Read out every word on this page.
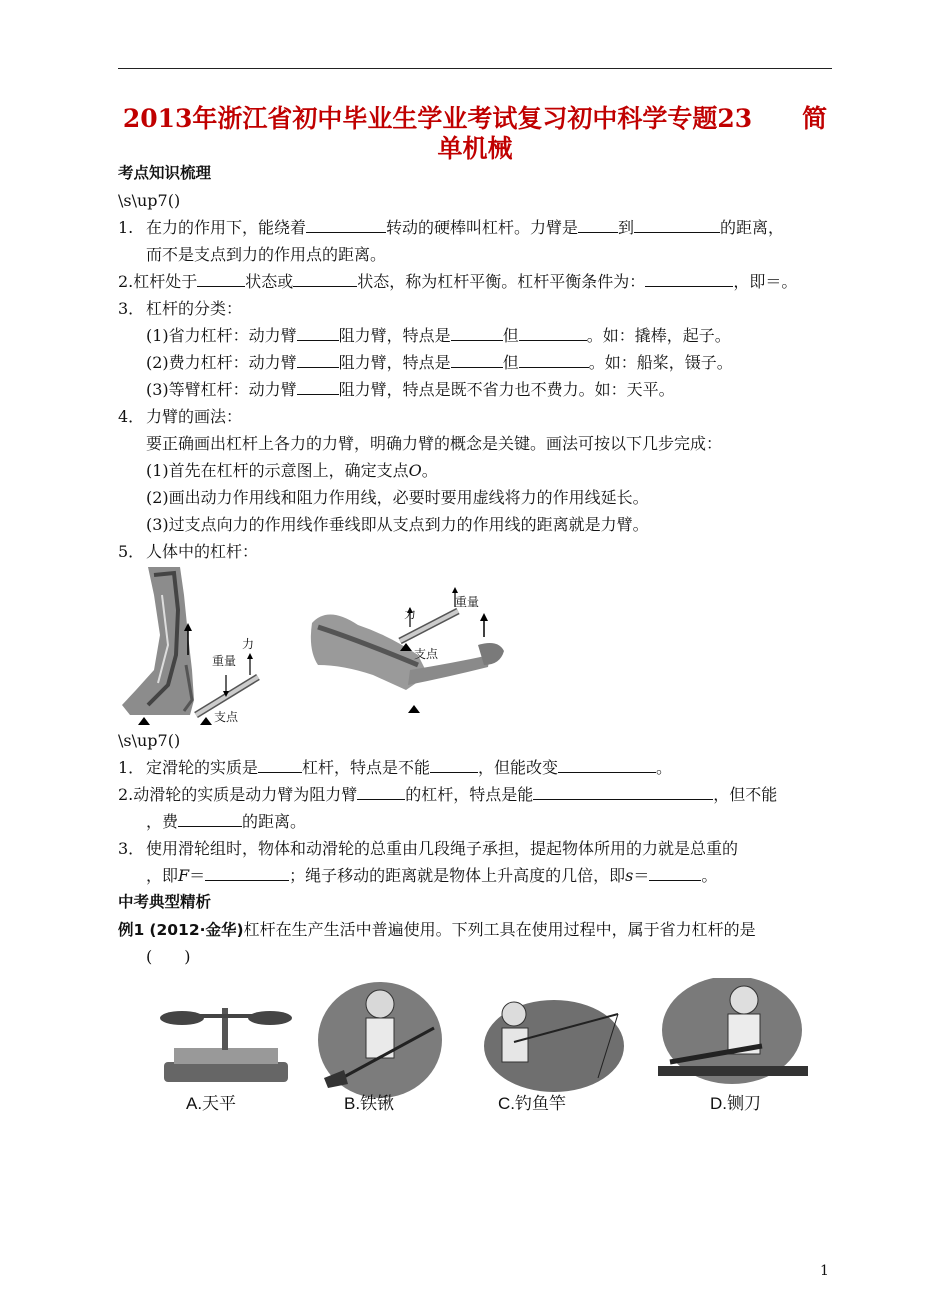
2013年浙江省初中毕业生学业考试复习初中科学专题23　　简单机械
考点知识梳理
\s\up7()
1. 在力的作用下，能绕着	转动的硬棒叫杠杆。力臂是	到	的距离，
而不是支点到力的作用点的距离。
2.杠杆处于	状态或	状态，称为杠杆平衡。杠杆平衡条件为：	，即＝。
3． 杠杆的分类：
(1)省力杠杆：动力臂	阻力臂，特点是	但	。如：撬棒，起子。
(2)费力杠杆：动力臂	阻力臂，特点是	但	。如：船桨，镊子。
(3)等臂杠杆：动力臂	阻力臂，特点是既不省力也不费力。如：天平。
4． 力臂的画法：
要正确画出杠杆上各力的力臂，明确力臂的概念是关键。画法可按以下几步完成：
(1)首先在杠杆的示意图上，确定支点O。
(2)画出动力作用线和阻力作用线，必要时要用虚线将力的作用线延长。
(3)过支点向力的作用线作垂线即从支点到力的作用线的距离就是力臂。
5． 人体中的杠杆：
力
重量
支点
力
重量
支点
\s\up7()
1． 定滑轮的实质是	杠杆，特点是不能	，但能改变	。
2.动滑轮的实质是动力臂为阻力臂	的杠杆，特点是能	，但不能
，费	的距离。
3． 使用滑轮组时，物体和动滑轮的总重由几段绳子承担，提起物体所用的力就是总重的
，即F＝	；绳子移动的距离就是物体上升高度的几倍，即s＝	。
中考典型精析
例1 (2012·金华)杠杆在生产生活中普遍使用。下列工具在使用过程中，属于省力杠杆的是
(　　)
A.天平	B.铁锹	C.钓鱼竿	D.铡刀
1
